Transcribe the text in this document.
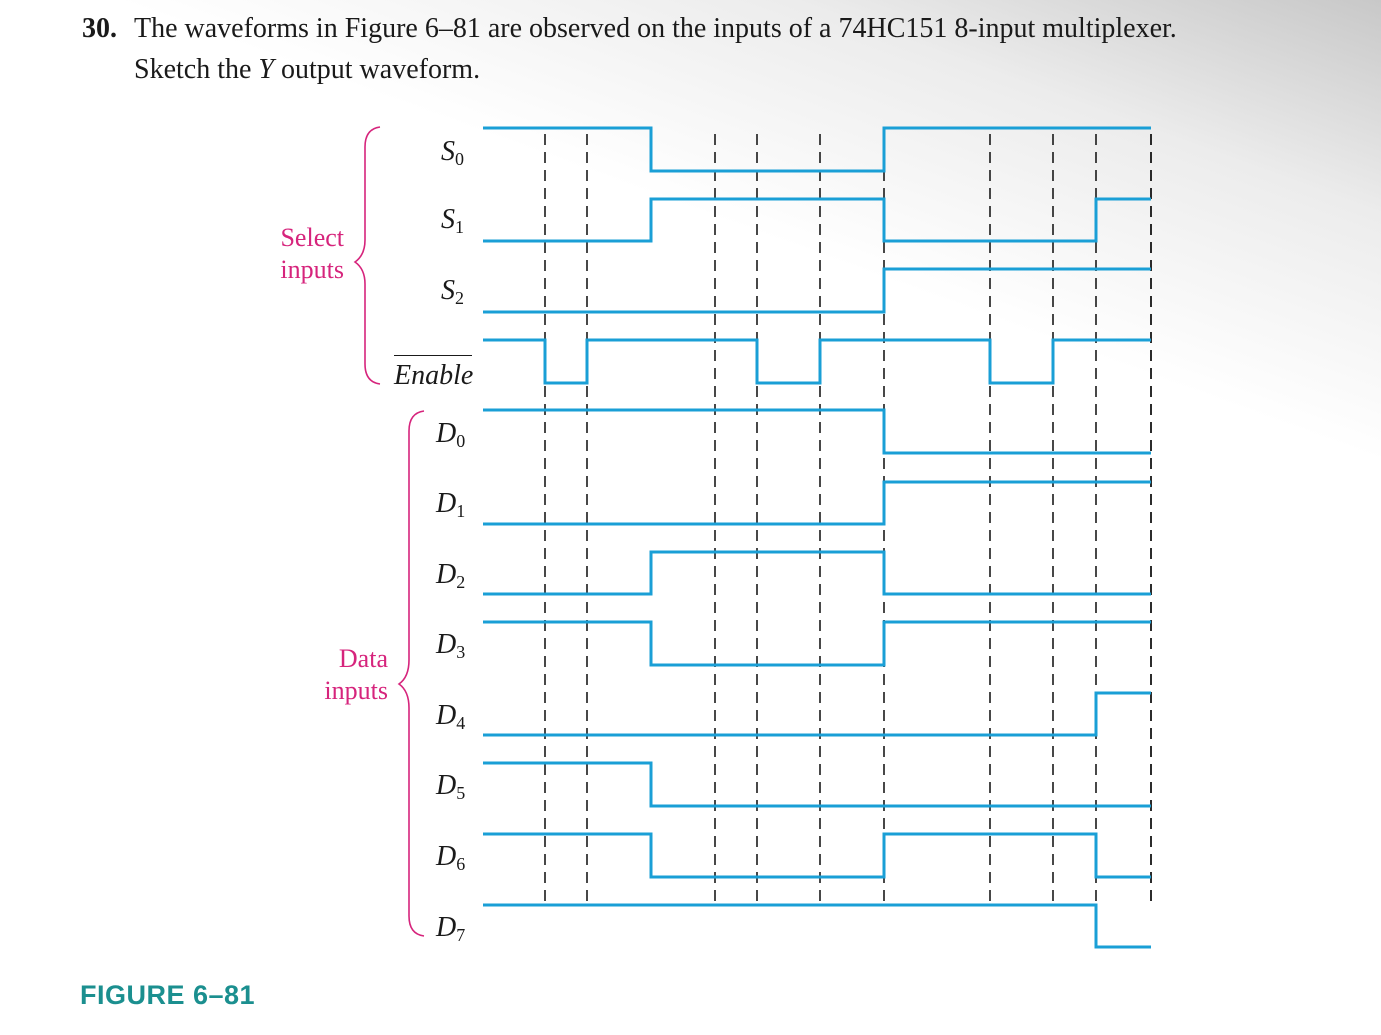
30. The waveforms in Figure 6–81 are observed on the inputs of a 74HC151 8-input multiplexer.
Sketch the Y output waveform.
Select
inputs
Data
inputs
$S_0$
$S_1$
$S_2$
Enable
$D_0$
$D_1$
$D_2$
$D_3$
$D_4$
$D_5$
$D_6$
$D_7$
FIGURE 6–81
